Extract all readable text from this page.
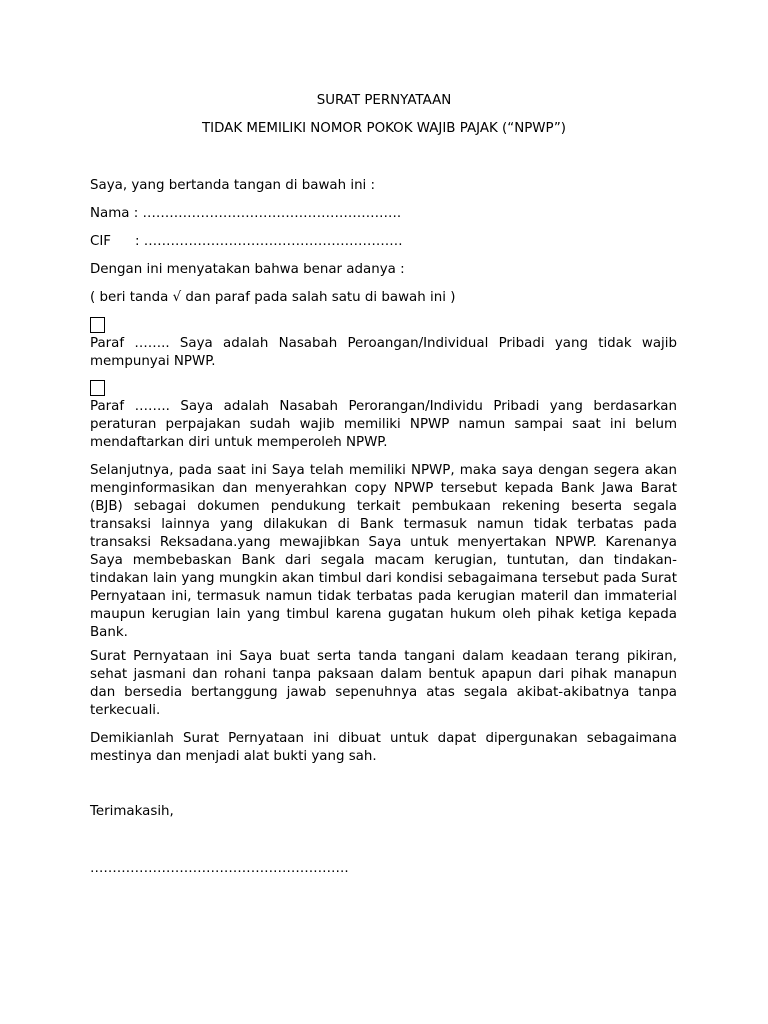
SURAT PERNYATAAN
TIDAK MEMILIKI NOMOR POKOK WAJIB PAJAK (“NPWP”)
Saya, yang bertanda tangan di bawah ini :
Nama : ………………………………………………….
CIF : ………………………………………………….
Dengan ini menyatakan bahwa benar adanya :
( beri tanda √ dan paraf pada salah satu di bawah ini )
Paraf …….. Saya adalah Nasabah Peroangan/Individual Pribadi yang tidak wajib mempunyai NPWP.
Paraf …….. Saya adalah Nasabah Perorangan/Individu Pribadi yang berdasarkan peraturan perpajakan sudah wajib memiliki NPWP namun sampai saat ini belum mendaftarkan diri untuk memperoleh NPWP.
Selanjutnya, pada saat ini Saya telah memiliki NPWP, maka saya dengan segera akan menginformasikan dan menyerahkan copy NPWP tersebut kepada Bank Jawa Barat (BJB) sebagai dokumen pendukung terkait pembukaan rekening beserta segala transaksi lainnya yang dilakukan di Bank termasuk namun tidak terbatas pada transaksi Reksadana.yang mewajibkan Saya untuk menyertakan NPWP. Karenanya Saya membebaskan Bank dari segala macam kerugian, tuntutan, dan tindakan-tindakan lain yang mungkin akan timbul dari kondisi sebagaimana tersebut pada Surat Pernyataan ini, termasuk namun tidak terbatas pada kerugian materil dan immaterial maupun kerugian lain yang timbul karena gugatan hukum oleh pihak ketiga kepada Bank.
Surat Pernyataan ini Saya buat serta tanda tangani dalam keadaan terang pikiran, sehat jasmani dan rohani tanpa paksaan dalam bentuk apapun dari pihak manapun dan bersedia bertanggung jawab sepenuhnya atas segala akibat-akibatnya tanpa terkecuali.
Demikianlah Surat Pernyataan ini dibuat untuk dapat dipergunakan sebagaimana mestinya dan menjadi alat bukti yang sah.
Terimakasih,
………………………………………………….
